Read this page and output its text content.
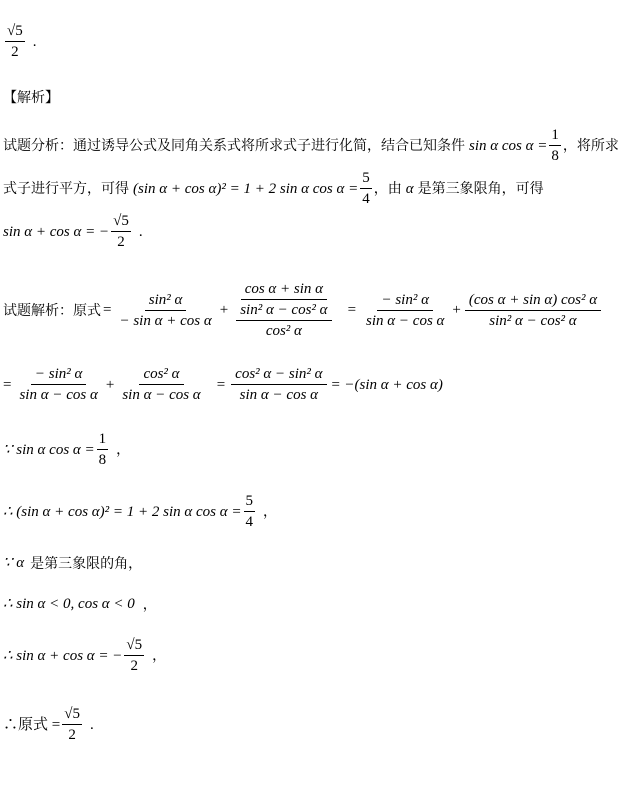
$\frac{√5}{2}$ .
【解析】
试题分析： 通过诱导公式及同角关系式将所求式子进行化简，结合已知条件 sin α $\cos \alpha = \frac{1}{8}$ ，将所求
式子进行平方，可得 (sin α + cos α)² = 1 + 2 sin α $\cos \alpha = \frac{5}{4}$ ，由 α 是第三象限角，可得
sin α + cos α = − $\frac{√5}{2}$ .
试题解析：原式 = $\frac{\text{sin² α}}{\text{− sin α + cos α}} + \frac{\text{cos α + sin α}}{\frac{\text{sin² α − cos² α}}{\text{cos² α}}} = \frac{\text{− sin² α}}{\text{sin α − cos α}} + \frac{\text{(cos α + sin α) cos² α}}{\text{sin² α − cos² α}}$
= $\frac{\text{− sin² α}}{\text{sin α − cos α}} + \frac{\text{cos² α}}{\text{sin α − cos α}} = \frac{\text{cos² α − sin² α}}{\text{sin α − cos α}} = -(\sin$ α + cos α)
∵ sin α $\cos \alpha = \frac{1}{8}$ ，
∴ (sin α + cos α)² = 1 + 2 sin α $\cos \alpha = \frac{5}{4}$ ，
∵ α 是第三象限的角，
∴ sin α < 0, cos α < 0 ，
∴ sin α + cos α = − $\frac{√5}{2}$ ，
∴原式 = $\frac{√5}{2}$ .
